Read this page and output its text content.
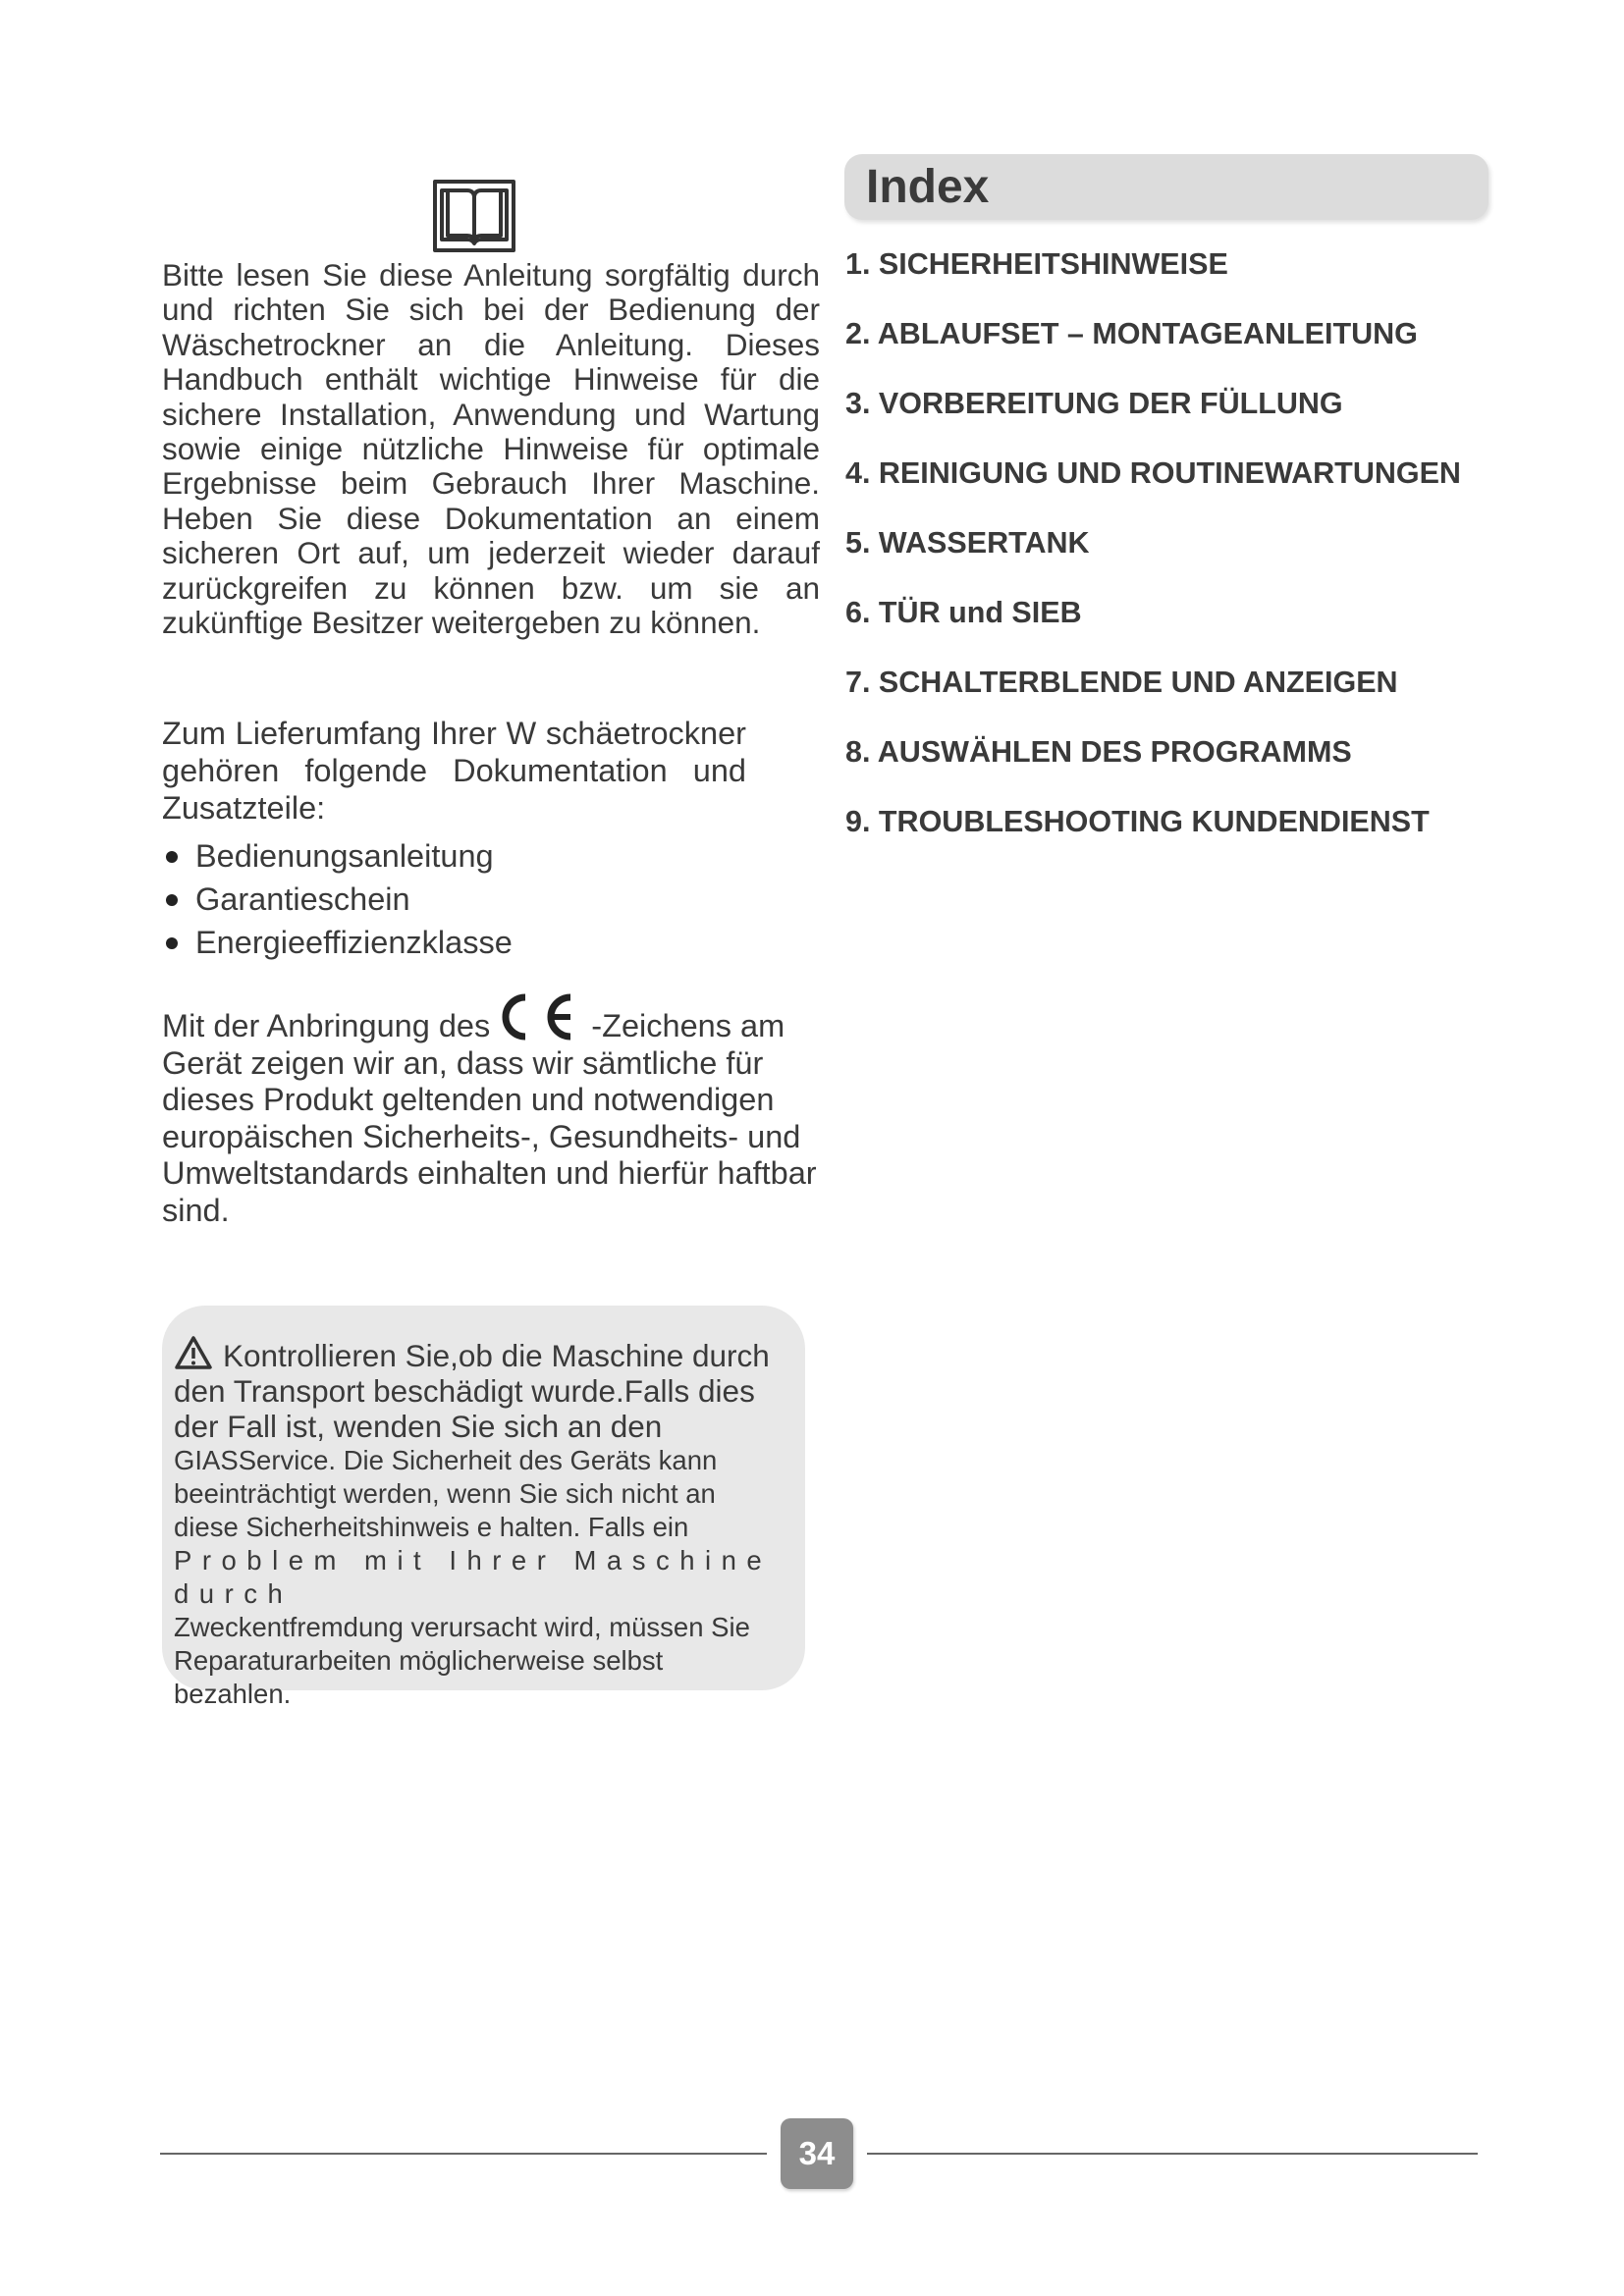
Bitte lesen Sie diese Anleitung sorgfältig durch und richten Sie sich bei der Bedienung der Wäschetrockner an die Anleitung. Dieses Handbuch enthält wichtige Hinweise für die sichere Installation, Anwendung und Wartung sowie einige nützliche Hinweise für optimale Ergebnisse beim Gebrauch Ihrer Maschine. Heben Sie diese Dokumentation an einem sicheren Ort auf, um jederzeit wieder darauf zurückgreifen zu können bzw. um sie an zukünftige Besitzer weitergeben zu können.

Zum Lieferumfang Ihrer W schäetrockner gehören folgende Dokumentation und Zusatzteile:

Bedienungsanleitung
Garantieschein
Energieeffizienzklasse

Mit der Anbringung des	-Zeichens am Gerät zeigen wir an, dass wir sämtliche für dieses Produkt geltenden und notwendigen europäischen Sicherheits-, Gesundheits- und Umweltstandards einhalten und hierfür haftbar sind.

Kontrollieren Sie,ob die Maschine durch
den Transport beschädigt wurde.Falls dies
der Fall ist, wenden Sie sich an den
GIASService. Die Sicherheit des Geräts kann
beeinträchtigt werden, wenn Sie sich nicht an
diese Sicherheitshinweis e halten. Falls ein
Problem mit Ihrer Maschine durch
Zweckentfremdung verursacht wird, müssen Sie
Reparaturarbeiten möglicherweise selbst
bezahlen.
Index
1. SICHERHEITSHINWEISE
2. ABLAUFSET – MONTAGEANLEITUNG
3. VORBEREITUNG DER FÜLLUNG
4. REINIGUNG UND ROUTINEWARTUNGEN
5. WASSERTANK
6. TÜR und SIEB
7. SCHALTERBLENDE UND ANZEIGEN
8. AUSWÄHLEN DES PROGRAMMS
9. TROUBLESHOOTING KUNDENDIENST
34
